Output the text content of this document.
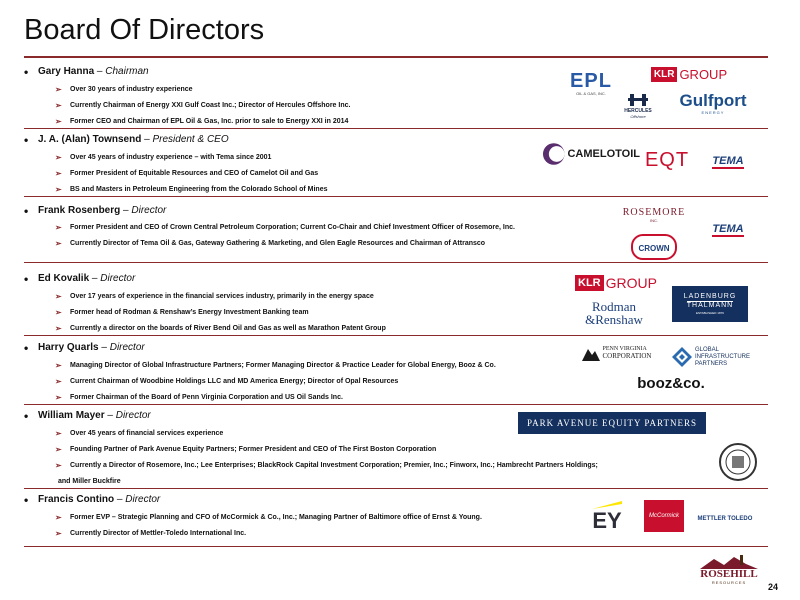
Board Of Directors
• Gary Hanna – Chairman
➢ Over 30 years of industry experience
➢ Currently Chairman of Energy XXI Gulf Coast Inc.; Director of Hercules Offshore Inc.
➢ Former CEO and Chairman of EPL Oil & Gas, Inc. prior to sale to Energy XXI in 2014
• J. A. (Alan) Townsend – President & CEO
➢ Over 45 years of industry experience – with Tema since 2001
➢ Former President of Equitable Resources and CEO of Camelot Oil and Gas
➢ BS and Masters in Petroleum Engineering from the Colorado School of Mines
• Frank Rosenberg – Director
➢ Former President and CEO of Crown Central Petroleum Corporation; Current Co-Chair and Chief Investment Officer of Rosemore, Inc.
➢ Currently Director of Tema Oil & Gas, Gateway Gathering & Marketing, and Glen Eagle Resources and Chairman of Attransco
• Ed Kovalik – Director
➢ Over 17 years of experience in the financial services industry, primarily in the energy space
➢ Former head of Rodman & Renshaw’s Energy Investment Banking team
➢ Currently a director on the boards of River Bend Oil and Gas as well as Marathon Patent Group
• Harry Quarls – Director
➢ Managing Director of Global Infrastructure Partners; Former Managing Director & Practice Leader for Global Energy, Booz & Co.
➢ Current Chairman of Woodbine Holdings LLC and MD America Energy; Director of Opal Resources
➢ Former Chairman of the Board of Penn Virginia Corporation and US Oil Sands Inc.
• William Mayer – Director
➢ Over 45 years of financial services experience
➢ Founding Partner of Park Avenue Equity Partners; Former President and CEO of The First Boston Corporation
➢ Currently a Director of Rosemore, Inc.; Lee Enterprises; BlackRock Capital Investment Corporation; Premier, Inc.; Finworx, Inc.; Hambrecht Partners Holdings;
and Miller Buckfire
• Francis Contino – Director
➢ Former EVP – Strategic Planning and CFO of McCormick & Co., Inc.; Managing Partner of Baltimore office of Ernst & Young.
➢ Currently Director of Mettler-Toledo International Inc.
EPL
OIL & GAS, INC.
KLR GROUP
HERCULES
Offshore
Gulfport
ENERGY
CAMELOTOIL EQT TEMA
ROSEMORE
INC.
TEMA
CROWN
KLR GROUP
LADENBURG
THALMANN
ESTABLISHED 1876
Rodman
&Renshaw
PENN VIRGINIA
CORPORATION
GLOBAL
INFRASTRUCTURE
PARTNERS
booz&co.
PARK AVENUE EQUITY PARTNERS
EY	McCormick	METTLER TOLEDO
ROSEHILL
RESOURCES 24
